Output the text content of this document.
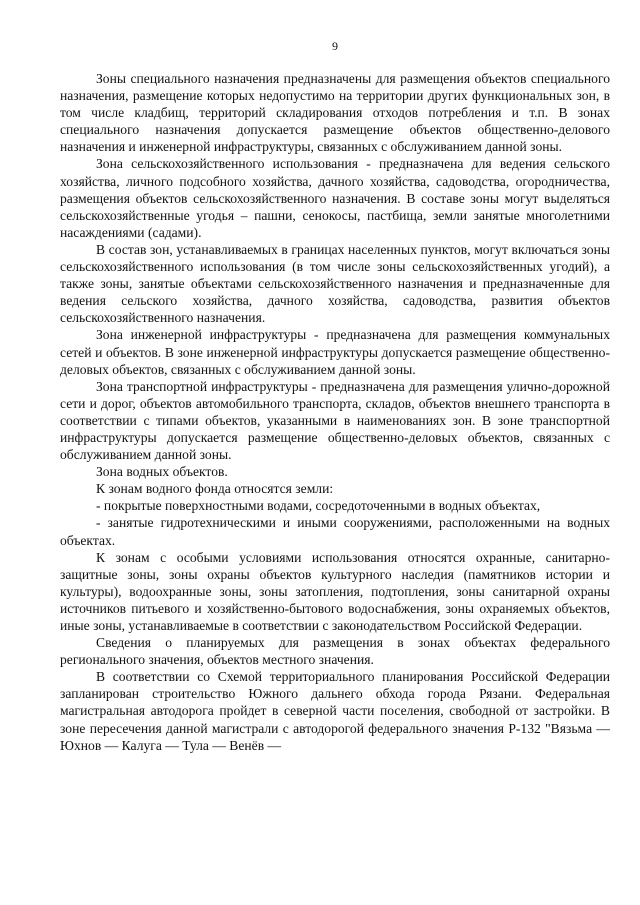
9

Зоны специального назначения предназначены для размещения объектов специального назначения, размещение которых недопустимо на территории других функциональных зон, в том числе кладбищ, территорий складирования отходов потребления и т.п. В зонах специального назначения допускается размещение объектов общественно-делового назначения и инженерной инфраструктуры, связанных с обслуживанием данной зоны.

Зона сельскохозяйственного использования - предназначена для ведения сельского хозяйства, личного подсобного хозяйства, дачного хозяйства, садоводства, огородничества, размещения объектов сельскохозяйственного назначения. В составе зоны могут выделяться сельскохозяйственные угодья – пашни, сенокосы, пастбища, земли занятые многолетними насаждениями (садами).

В состав зон, устанавливаемых в границах населенных пунктов, могут включаться зоны сельскохозяйственного использования (в том числе зоны сельскохозяйственных угодий), а также зоны, занятые объектами сельскохозяйственного назначения и предназначенные для ведения сельского хозяйства, дачного хозяйства, садоводства, развития объектов сельскохозяйственного назначения.

Зона инженерной инфраструктуры - предназначена для размещения коммунальных сетей и объектов. В зоне инженерной инфраструктуры допускается размещение общественно-деловых объектов, связанных с обслуживанием данной зоны.

Зона транспортной инфраструктуры - предназначена для размещения улично-дорожной сети и дорог, объектов автомобильного транспорта, складов, объектов внешнего транспорта в соответствии с типами объектов, указанными в наименованиях зон. В зоне транспортной инфраструктуры допускается размещение общественно-деловых объектов, связанных с обслуживанием данной зоны.

Зона водных объектов.

К зонам водного фонда относятся земли:

- покрытые поверхностными водами, сосредоточенными в водных объектах,

- занятые гидротехническими и иными сооружениями, расположенными на водных объектах.

К зонам с особыми условиями использования относятся охранные, санитарно-защитные зоны, зоны охраны объектов культурного наследия (памятников истории и культуры), водоохранные зоны, зоны затопления, подтопления, зоны санитарной охраны источников питьевого и хозяйственно-бытового водоснабжения, зоны охраняемых объектов, иные зоны, устанавливаемые в соответствии с законодательством Российской Федерации.

Сведения о планируемых для размещения в зонах объектах федерального регионального значения, объектов местного значения.

В соответствии со Схемой территориального планирования Российской Федерации запланирован строительство Южного дальнего обхода города Рязани. Федеральная магистральная автодорога пройдет в северной части поселения, свободной от застройки. В зоне пересечения данной магистрали с автодорогой федерального значения Р-132 "Вязьма — Юхнов — Калуга — Тула — Венёв —
